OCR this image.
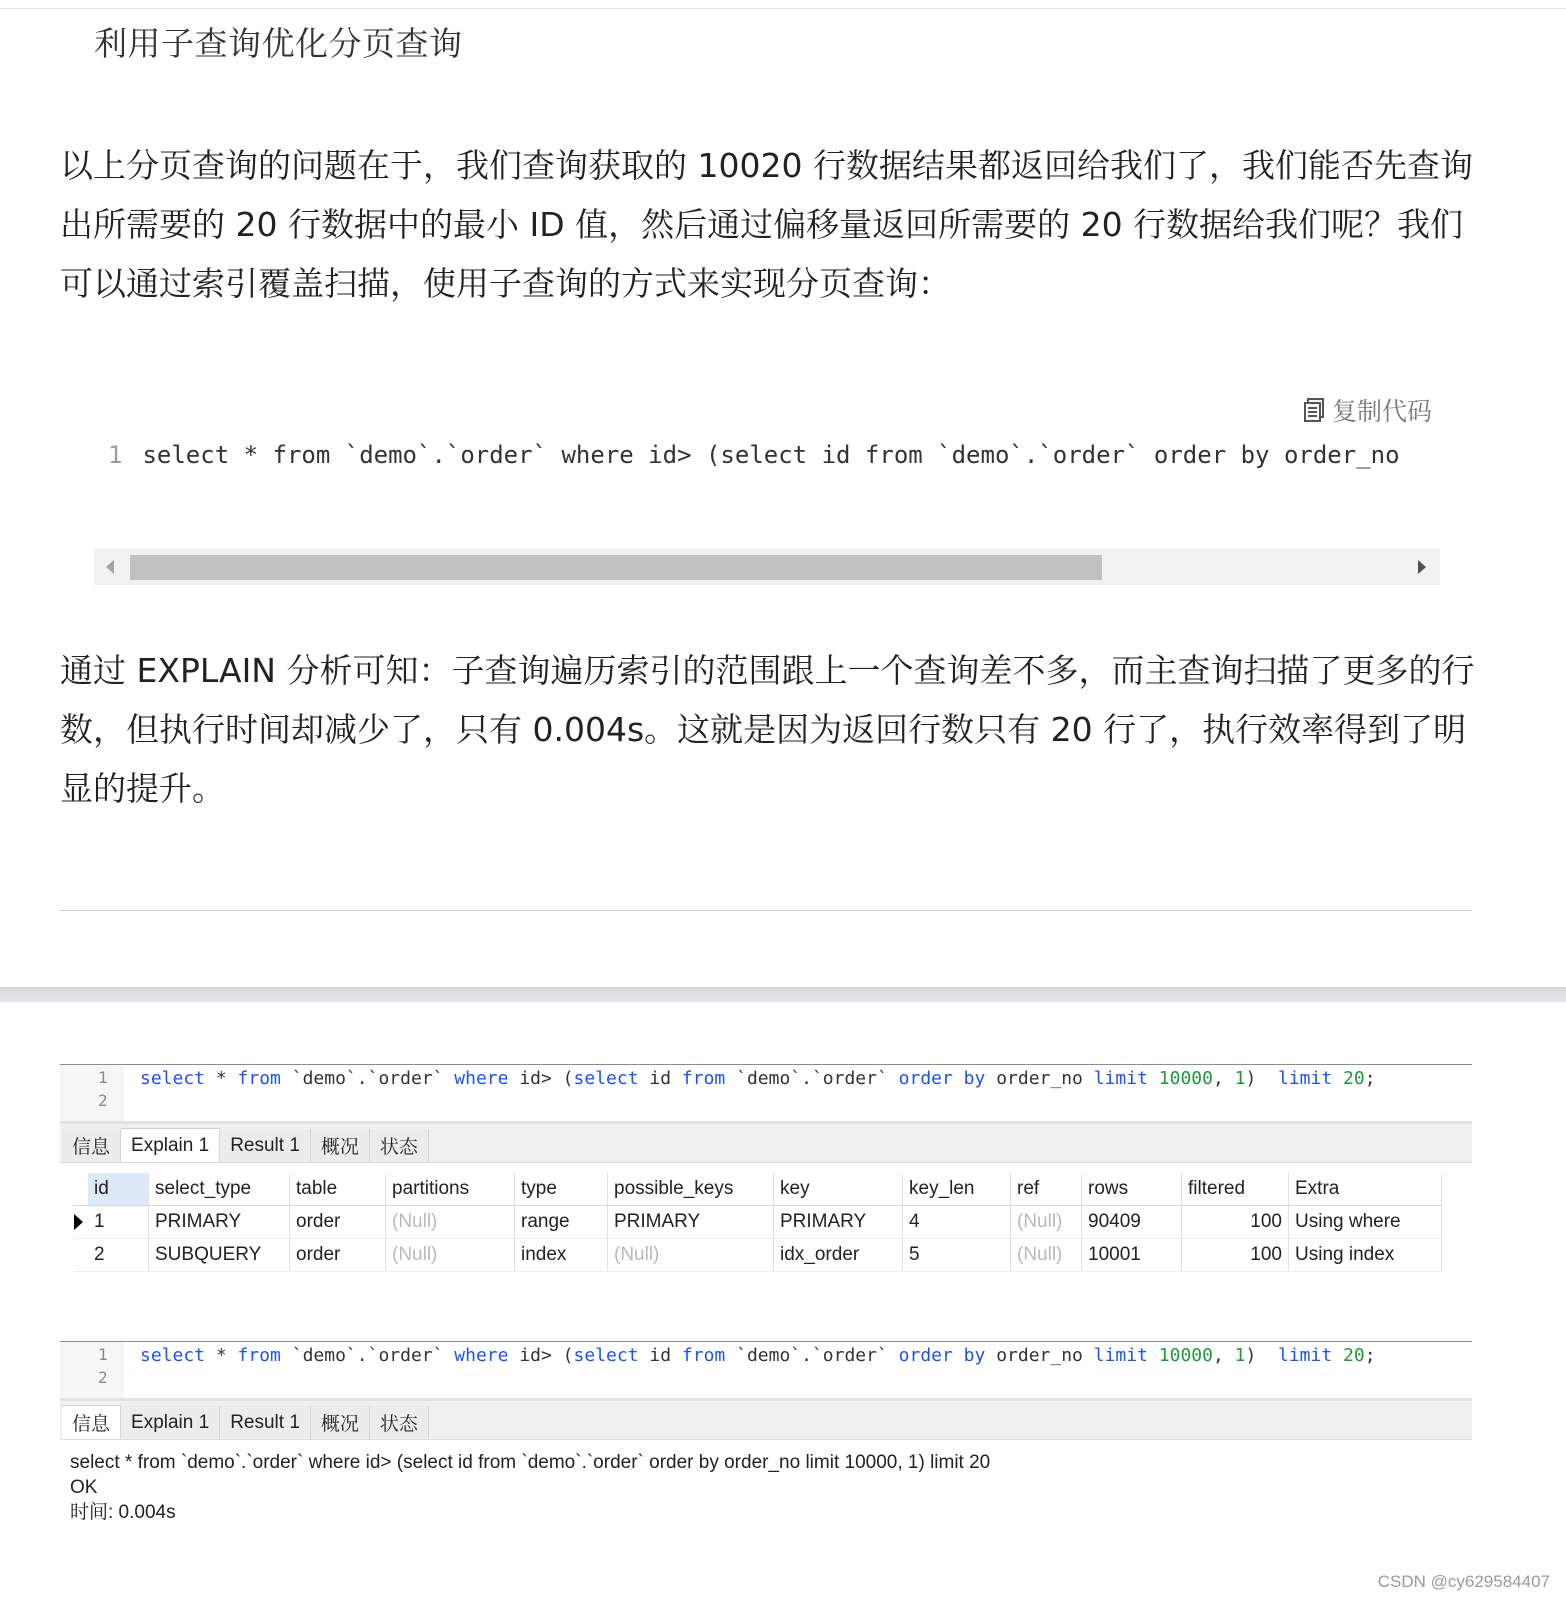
利用子查询优化分页查询
以上分页查询的问题在于，我们查询获取的 10020 行数据结果都返回给我们了，我们能否先查询出所需要的 20 行数据中的最小 ID 值，然后通过偏移量返回所需要的 20 行数据给我们呢？我们可以通过索引覆盖扫描，使用子查询的方式来实现分页查询：
复制代码
1 select * from `demo`.`order` where id> (select id from `demo`.`order` order by order_no
通过 EXPLAIN 分析可知：子查询遍历索引的范围跟上一个查询差不多，而主查询扫描了更多的行数，但执行时间却减少了，只有 0.004s。这就是因为返回行数只有 20 行了，执行效率得到了明显的提升。
1
2
select * from `demo`.`order` where id> (select id from `demo`.`order` order by order_no limit 10000, 1)  limit 20;
信息	Explain 1	Result 1	概况	状态
	id	select_type	table	partitions	type	possible_keys	key	key_len	ref	rows	filtered	Extra
	1	PRIMARY	order	(Null)	range	PRIMARY	PRIMARY	4	(Null)	90409	100	Using where
	2	SUBQUERY	order	(Null)	index	(Null)	idx_order	5	(Null)	10001	100	Using index
1
2
select * from `demo`.`order` where id> (select id from `demo`.`order` order by order_no limit 10000, 1)  limit 20;
信息	Explain 1	Result 1	概况	状态
select * from `demo`.`order` where id> (select id from `demo`.`order` order by order_no limit 10000, 1) limit 20
OK
时间: 0.004s
CSDN @cy629584407
